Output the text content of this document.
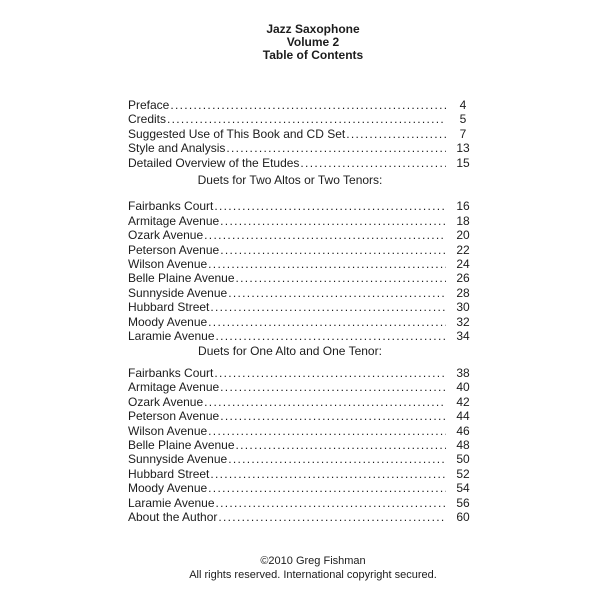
Jazz Saxophone
Volume 2
Table of Contents
Preface .....	4
Credits .....	5
Suggested Use of This Book and CD Set .....	7
Style and Analysis .....	13
Detailed Overview of the Etudes .....	15
Duets for Two Altos or Two Tenors:
Fairbanks Court .....	16
Armitage Avenue .....	18
Ozark Avenue .....	20
Peterson Avenue .....	22
Wilson Avenue .....	24
Belle Plaine Avenue .....	26
Sunnyside Avenue .....	28
Hubbard Street .....	30
Moody Avenue .....	32
Laramie Avenue .....	34
Duets for One Alto and One Tenor:
Fairbanks Court .....	38
Armitage Avenue .....	40
Ozark Avenue .....	42
Peterson Avenue .....	44
Wilson Avenue .....	46
Belle Plaine Avenue .....	48
Sunnyside Avenue .....	50
Hubbard Street .....	52
Moody Avenue .....	54
Laramie Avenue .....	56
About the Author .....	60
©2010 Greg Fishman
All rights reserved. International copyright secured.
